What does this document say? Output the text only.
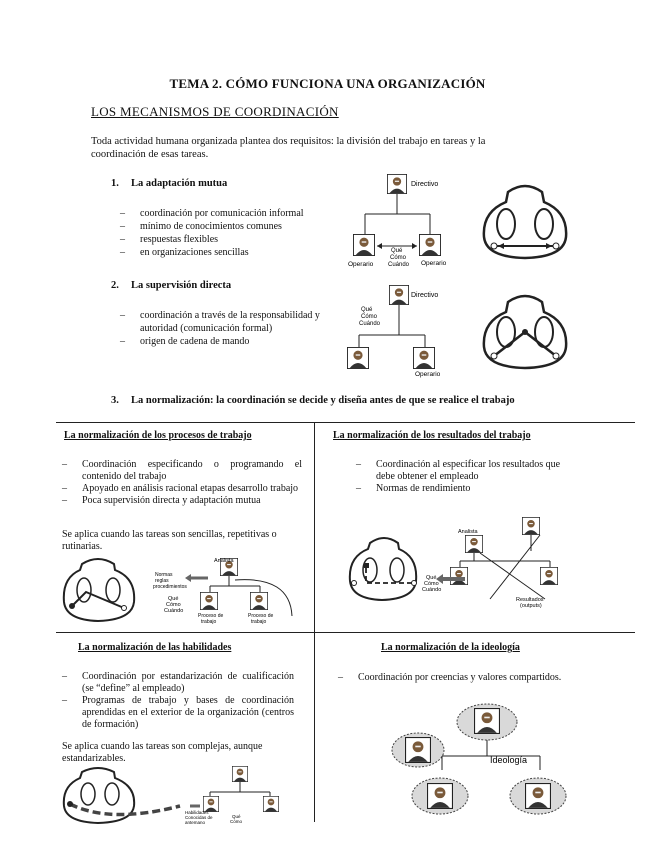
TEMA 2. CÓMO FUNCIONA UNA ORGANIZACIÓN
LOS MECANISMOS DE COORDINACIÓN
Toda actividad humana organizada plantea dos requisitos: la división del trabajo en tareas y la coordinación de esas tareas.
1. La adaptación mutua
– coordinación por comunicación informal
– mínimo de conocimientos comunes
– respuestas flexibles
– en organizaciones sencillas
Directivo
Qué
Cómo
Cuándo
Operario	Operario
2. La supervisión directa
– coordinación a través de la responsabilidad y autoridad (comunicación formal)
– origen de cadena de mando
Directivo
Qué
Cómo
Cuándo
Operario
3. La normalización: la coordinación se decide y diseña antes de que se realice el trabajo
La normalización de los procesos de trabajo
– Coordinación especificando o programando el contenido del trabajo
– Apoyado en análisis racional etapas desarrollo trabajo
– Poca supervisión directa y adaptación mutua
Se aplica cuando las tareas son sencillas, repetitivas o rutinarias.
Analista
Normas
reglas
procedimientos
Qué
Cómo
Cuándo
Proceso de
trabajo
Proceso de
trabajo
La normalización de los resultados del trabajo
– Coordinación al especificar los resultados que debe obtener el empleado
– Normas de rendimiento
Analista
Qué
Cómo
Cuándo
Resultados
(outputs)
La normalización de las habilidades
– Coordinación por estandarización de cualificación (se “define” al empleado)
– Programas de trabajo y bases de coordinación aprendidas en el exterior de la organización (centros de formación)
Se aplica cuando las tareas son complejas, aunque estandarizables.
Habilidades
Conocidas de
antemano
Qué
Cómo
La normalización de la ideología
– Coordinación por creencias y valores compartidos.
Ideología
